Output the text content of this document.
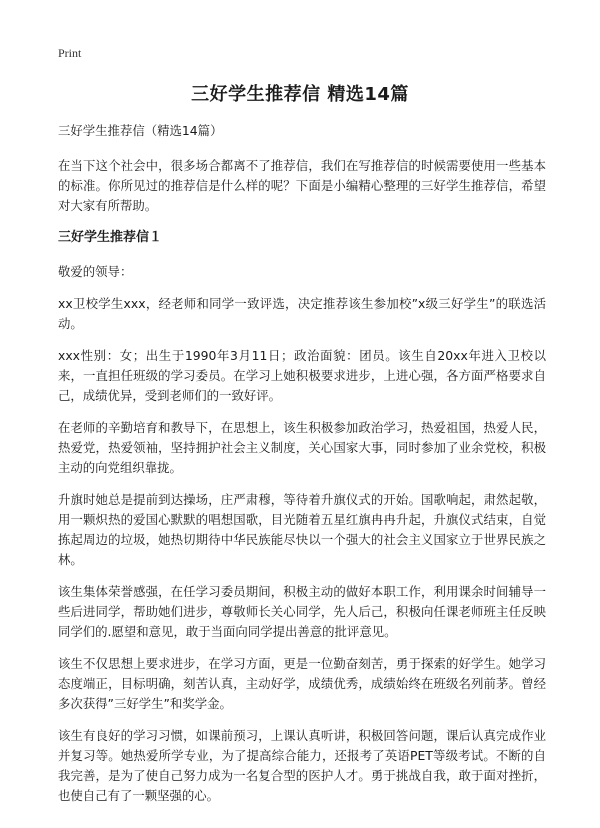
Print
三好学生推荐信 精选14篇

三好学生推荐信（精选14篇）

在当下这个社会中，很多场合都离不了推荐信，我们在写推荐信的时候需要使用一些基本的标准。你所见过的推荐信是什么样的呢？下面是小编精心整理的三好学生推荐信，希望对大家有所帮助。

三好学生推荐信１

敬爱的领导：

xx卫校学生xxx，经老师和同学一致评选，决定推荐该生参加校”x级三好学生”的联选活动。

xxx性别：女；出生于1990年3月11日；政治面貌：团员。该生自20xx年进入卫校以来，一直担任班级的学习委员。在学习上她积极要求进步，上进心强，各方面严格要求自己，成绩优异，受到老师们的一致好评。

在老师的辛勤培育和教导下，在思想上，该生积极参加政治学习，热爱祖国，热爱人民，热爱党，热爱领袖，坚持拥护社会主义制度，关心国家大事，同时参加了业余党校，积极主动的向党组织靠拢。

升旗时她总是提前到达操场，庄严肃穆，等待着升旗仪式的开始。国歌响起，肃然起敬，用一颗炽热的爱国心默默的唱想国歌，目光随着五星红旗冉冉升起，升旗仪式结束，自觉拣起周边的垃圾，她热切期待中华民族能尽快以一个强大的社会主义国家立于世界民族之林。

该生集体荣誉感强，在任学习委员期间，积极主动的做好本职工作，利用课余时间辅导一些后进同学，帮助她们进步，尊敬师长关心同学，先人后己，积极向任课老师班主任反映同学们的.愿望和意见，敢于当面向同学提出善意的批评意见。

该生不仅思想上要求进步，在学习方面，更是一位勤奋刻苦，勇于探索的好学生。她学习态度端正，目标明确，刻苦认真，主动好学，成绩优秀，成绩始终在班级名列前茅。曾经多次获得”三好学生”和奖学金。

该生有良好的学习习惯，如课前预习，上课认真听讲，积极回答问题，课后认真完成作业并复习等。她热爱所学专业，为了提高综合能力，还报考了英语PET等级考试。不断的自我完善，是为了使自己努力成为一名复合型的医护人才。勇于挑战自我，敢于面对挫折，也使自己有了一颗坚强的心。
